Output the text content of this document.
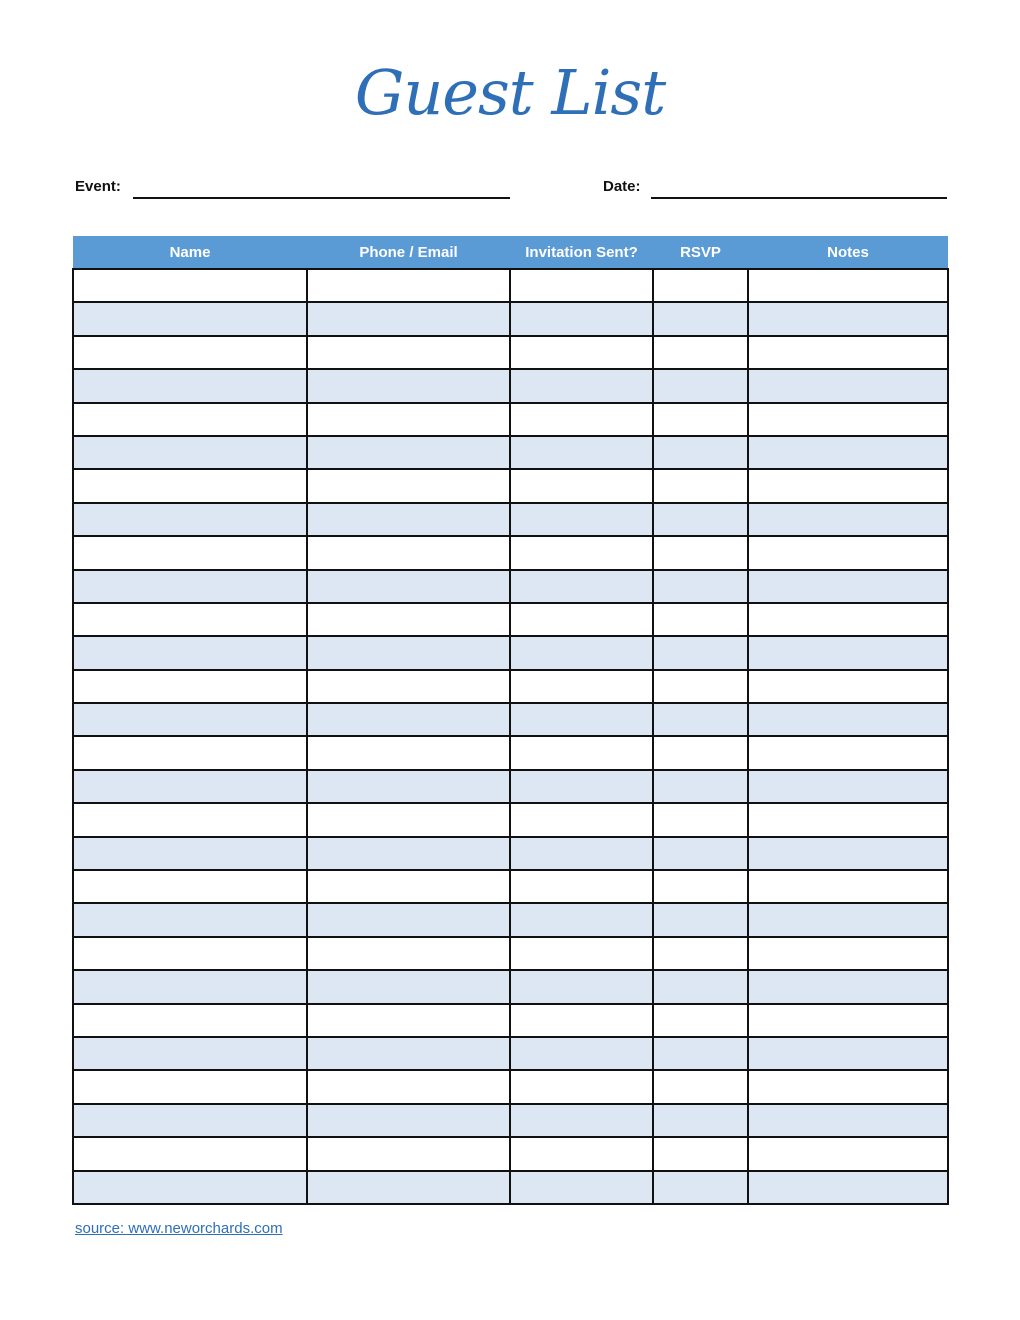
Guest List
Event:	Date:
Name	Phone / Email	Invitation Sent?	RSVP	Notes

source: www.neworchards.com
